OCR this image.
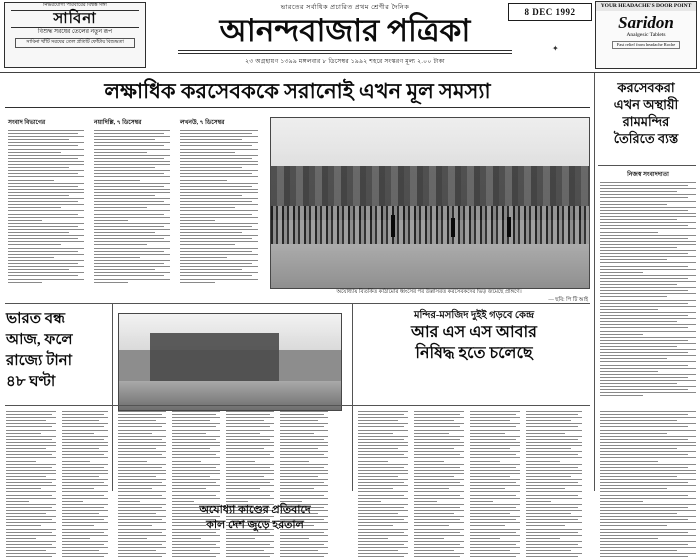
নির্ভরযোগ্য পরিবারের বিশ্বস্ত সঙ্গী
সাবিনা
বিশুদ্ধ সরষের তেলের নতুন রূপ
সাবিনা খাঁটি সরষের তেল প্রতিটি ফোঁটায় বিশুদ্ধতা
ভারতের সর্বাধিক প্রচারিত প্রথম শ্রেণীর দৈনিক
আনন্দবাজার পত্রিকা
২৩ অগ্রহায়ণ ১৩৯৯ মঙ্গলবার ৮ ডিসেম্বর ১৯৯২ শহরে সংস্করণ মূল্য ২.০০ টাকা
8 DEC 1992
✦
YOUR HEADACHE'S DOOR POINT
Saridon
Analgesic Tablets
Fast relief from headache Roche
লক্ষাধিক করসেবককে সরানোই এখন মূল সমস্যা
অযোধ্যায় বিতর্কিত কাঠামোর ধ্বংসের পর উল্লাসরত করসেবকদের ভিড় জমেছে প্রাঙ্গণে।
— ছবি: পি টি আই
সংবাদ বিভাগের	নয়াদিল্লি, ৭ ডিসেম্বর	লখনউ, ৭ ডিসেম্বর
করসেবকরা
এখন অস্থায়ী
রামমন্দির
তৈরিতে ব্যস্ত
নিজস্ব সংবাদদাতা
ভারত বন্ধ
আজ, ফলে
রাজ্যে টানা
৪৮ ঘণ্টা
মন্দির-মসজিদ দুইই গড়বে কেন্দ্র
আর এস এস আবার
নিষিদ্ধ হতে চলেছে
অযোধ্যা কাণ্ডের প্রতিবাদে
কাল দেশ জুড়ে হরতাল
